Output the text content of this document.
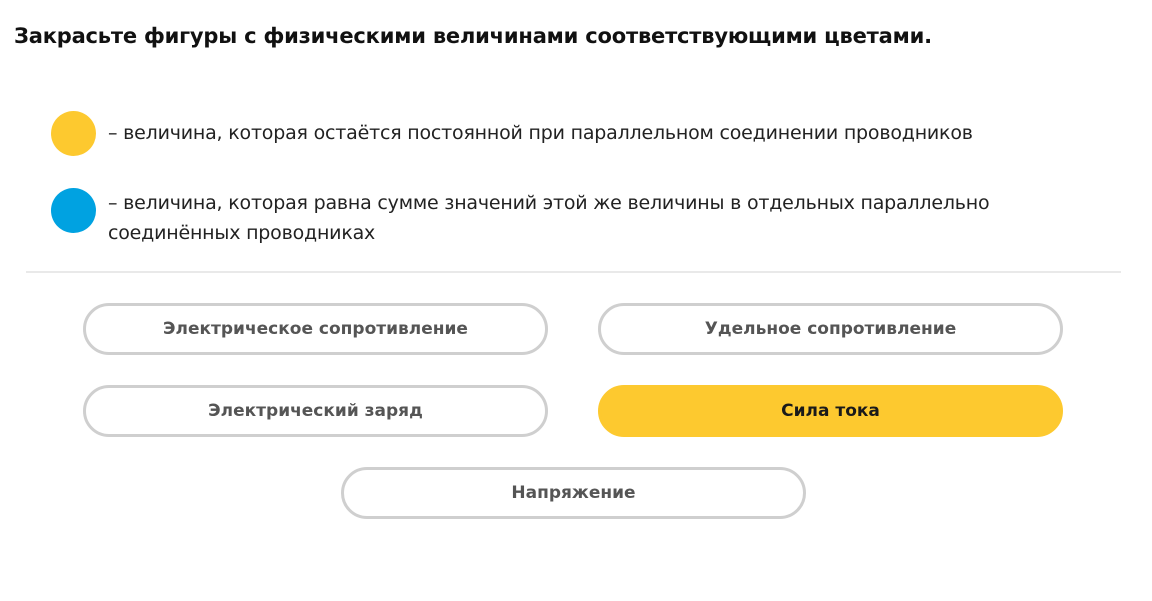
Закрасьте фигуры с физическими величинами соответствующими цветами.
– величина, которая остаётся постоянной при параллельном соединении проводников
– величина, которая равна сумме значений этой же величины в отдельных параллельно соединённых проводниках
Электрическое сопротивление	Удельное сопротивление
Электрический заряд	Сила тока
Напряжение
